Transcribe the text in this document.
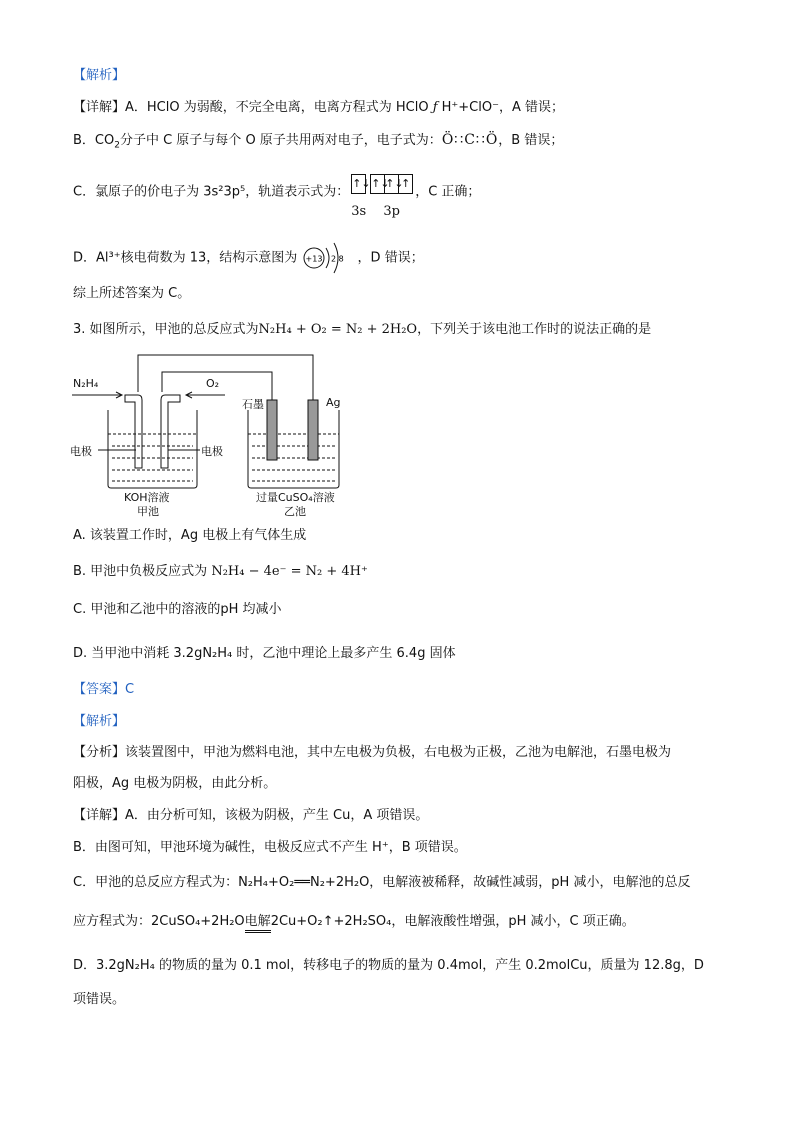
【解析】
【详解】A．HClO 为弱酸，不完全电离，电离方程式为 HClO ƒ H⁺+ClO⁻，A 错误；
B．$CO_2$分子中 C 原子与每个 O 原子共用两对电子，电子式为：Ö∷C∷Ö，B 错误；
C．氯原子的价电子为 3s²3p⁵，轨道表示式为：
↑↓
3s
↑↓
↑↓
↑
3p
，C 正确；
D．Al³⁺核电荷数为 13，结构示意图为 +13 2 8 ，D 错误；
综上所述答案为 C。
3. 如图所示，甲池的总反应式为N₂H₄ + O₂ = N₂ + 2H₂O，下列关于该电池工作时的说法正确的是
N₂H₄	O₂
石墨	Ag
电极	电极
KOH溶液
甲池
过量CuSO₄溶液
乙池
A. 该装置工作时，Ag 电极上有气体生成
B. 甲池中负极反应式为 N₂H₄ − 4e⁻ = N₂ + 4H⁺
C. 甲池和乙池中的溶液的pH 均减小
D. 当甲池中消耗 3.2gN₂H₄ 时，乙池中理论上最多产生 6.4g 固体
【答案】C
【解析】
【分析】该装置图中，甲池为燃料电池，其中左电极为负极，右电极为正极，乙池为电解池，石墨电极为
阳极，Ag 电极为阴极，由此分析。
【详解】A．由分析可知，该极为阴极，产生 Cu，A 项错误。
B．由图可知，甲池环境为碱性，电极反应式不产生 H⁺，B 项错误。
C．甲池的总反应方程式为：N₂H₄+O₂══N₂+2H₂O，电解液被稀释，故碱性减弱，pH 减小，电解池的总反
应方程式为：2CuSO₄+2H₂O电解2Cu+O₂↑+2H₂SO₄，电解液酸性增强，pH 减小，C 项正确。
D．3.2gN₂H₄ 的物质的量为 0.1 mol，转移电子的物质的量为 0.4mol，产生 0.2molCu，质量为 12.8g，D
项错误。
